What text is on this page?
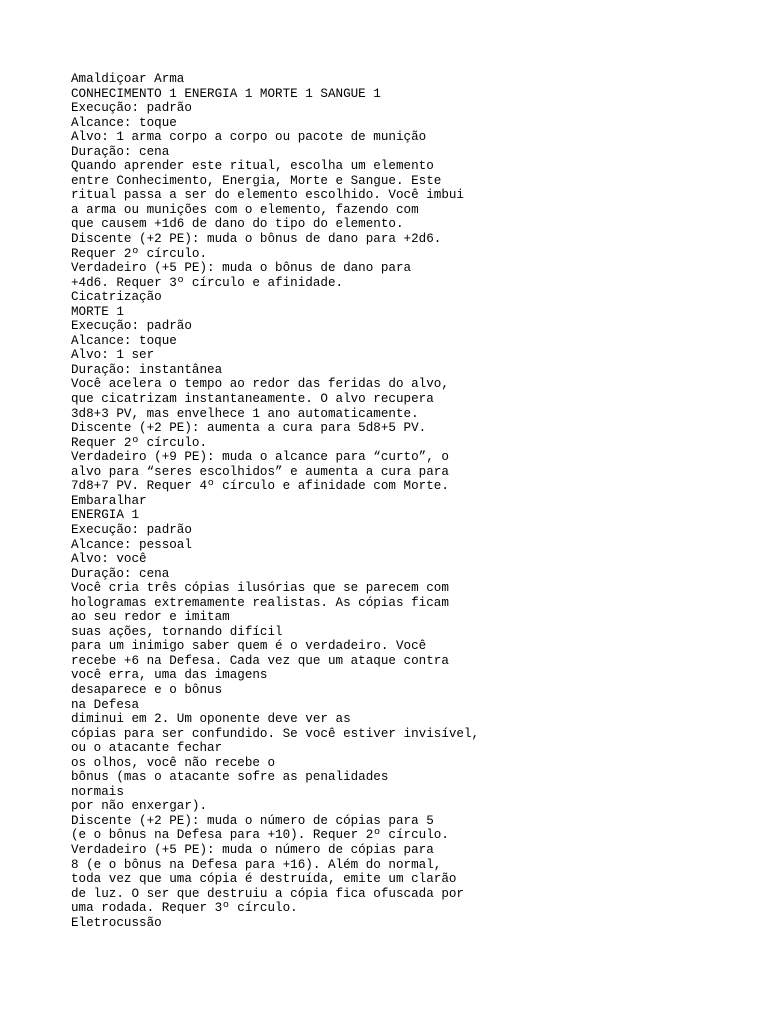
Amaldiçoar Arma
CONHECIMENTO 1 ENERGIA 1 MORTE 1 SANGUE 1
Execução: padrão
Alcance: toque
Alvo: 1 arma corpo a corpo ou pacote de munição
Duração: cena
Quando aprender este ritual, escolha um elemento
entre Conhecimento, Energia, Morte e Sangue. Este
ritual passa a ser do elemento escolhido. Você imbui
a arma ou munições com o elemento, fazendo com
que causem +1d6 de dano do tipo do elemento.
Discente (+2 PE): muda o bônus de dano para +2d6.
Requer 2º círculo.
Verdadeiro (+5 PE): muda o bônus de dano para
+4d6. Requer 3º círculo e afinidade.
Cicatrização
MORTE 1
Execução: padrão
Alcance: toque
Alvo: 1 ser
Duração: instantânea
Você acelera o tempo ao redor das feridas do alvo,
que cicatrizam instantaneamente. O alvo recupera
3d8+3 PV, mas envelhece 1 ano automaticamente.
Discente (+2 PE): aumenta a cura para 5d8+5 PV.
Requer 2º círculo.
Verdadeiro (+9 PE): muda o alcance para “curto”, o
alvo para “seres escolhidos” e aumenta a cura para
7d8+7 PV. Requer 4º círculo e afinidade com Morte.
Embaralhar
ENERGIA 1
Execução: padrão
Alcance: pessoal
Alvo: você
Duração: cena
Você cria três cópias ilusórias que se parecem com
hologramas extremamente realistas. As cópias ficam
ao seu redor e imitam
suas ações, tornando difícil
para um inimigo saber quem é o verdadeiro. Você
recebe +6 na Defesa. Cada vez que um ataque contra
você erra, uma das imagens
desaparece e o bônus
na Defesa
diminui em 2. Um oponente deve ver as
cópias para ser confundido. Se você estiver invisível,
ou o atacante fechar
os olhos, você não recebe o
bônus (mas o atacante sofre as penalidades
normais
por não enxergar).
Discente (+2 PE): muda o número de cópias para 5
(e o bônus na Defesa para +10). Requer 2º círculo.
Verdadeiro (+5 PE): muda o número de cópias para
8 (e o bônus na Defesa para +16). Além do normal,
toda vez que uma cópia é destruída, emite um clarão
de luz. O ser que destruiu a cópia fica ofuscada por
uma rodada. Requer 3º círculo.
Eletrocussão
